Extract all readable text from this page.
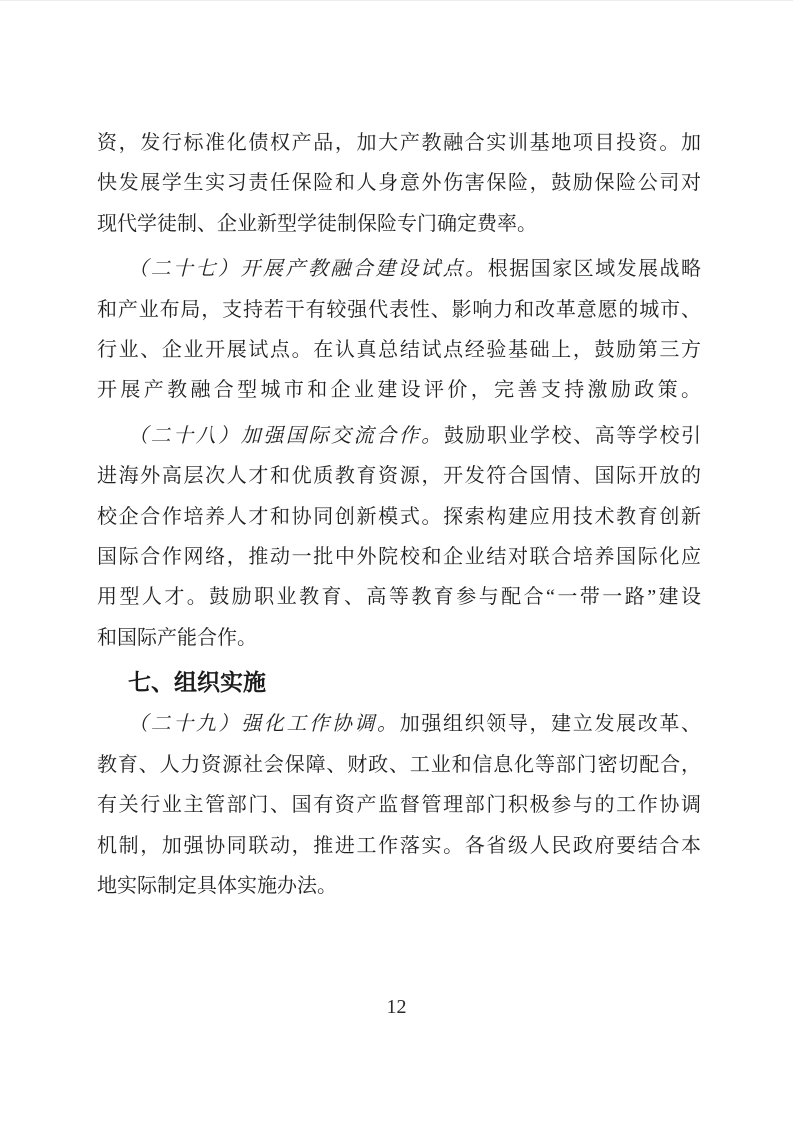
资，发行标准化债权产品，加大产教融合实训基地项目投资。加
快发展学生实习责任保险和人身意外伤害保险，鼓励保险公司对
现代学徒制、企业新型学徒制保险专门确定费率。
（二十七）开展产教融合建设试点。根据国家区域发展战略
和产业布局，支持若干有较强代表性、影响力和改革意愿的城市、
行业、企业开展试点。在认真总结试点经验基础上，鼓励第三方
开展产教融合型城市和企业建设评价，完善支持激励政策。
（二十八）加强国际交流合作。鼓励职业学校、高等学校引
进海外高层次人才和优质教育资源，开发符合国情、国际开放的
校企合作培养人才和协同创新模式。探索构建应用技术教育创新
国际合作网络，推动一批中外院校和企业结对联合培养国际化应
用型人才。鼓励职业教育、高等教育参与配合“一带一路”建设
和国际产能合作。
七、组织实施
（二十九）强化工作协调。加强组织领导，建立发展改革、
教育、人力资源社会保障、财政、工业和信息化等部门密切配合，
有关行业主管部门、国有资产监督管理部门积极参与的工作协调
机制，加强协同联动，推进工作落实。各省级人民政府要结合本
地实际制定具体实施办法。
12
